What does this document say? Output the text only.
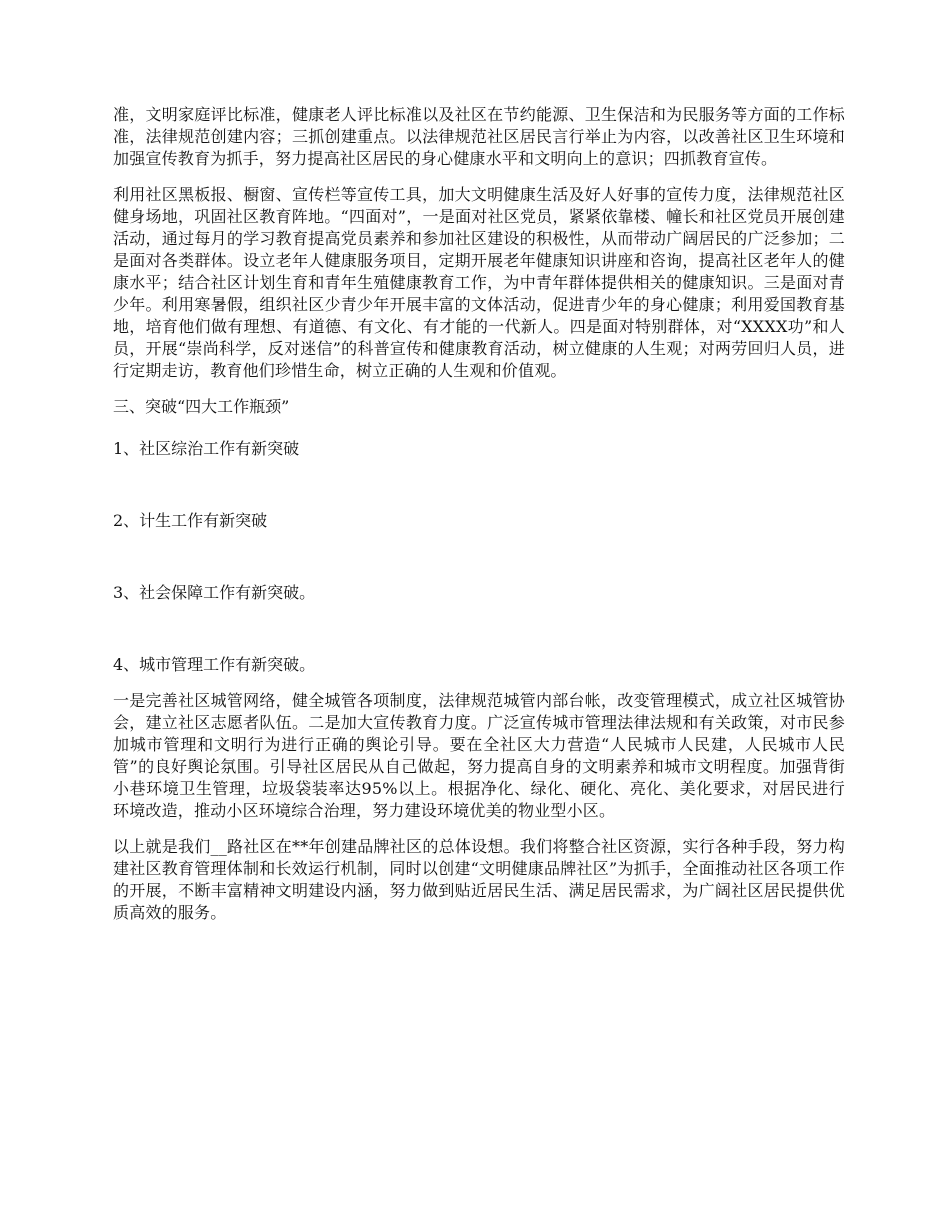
准，文明家庭评比标准，健康老人评比标准以及社区在节约能源、卫生保洁和为民服务等方面的工作标准，法律规范创建内容；三抓创建重点。以法律规范社区居民言行举止为内容，以改善社区卫生环境和加强宣传教育为抓手，努力提高社区居民的身心健康水平和文明向上的意识；四抓教育宣传。

利用社区黑板报、橱窗、宣传栏等宣传工具，加大文明健康生活及好人好事的宣传力度，法律规范社区健身场地，巩固社区教育阵地。“四面对”，一是面对社区党员，紧紧依靠楼、幢长和社区党员开展创建活动，通过每月的学习教育提高党员素养和参加社区建设的积极性，从而带动广阔居民的广泛参加；二是面对各类群体。设立老年人健康服务项目，定期开展老年健康知识讲座和咨询，提高社区老年人的健康水平；结合社区计划生育和青年生殖健康教育工作，为中青年群体提供相关的健康知识。三是面对青少年。利用寒暑假，组织社区少青少年开展丰富的文体活动，促进青少年的身心健康；利用爱国教育基地，培育他们做有理想、有道德、有文化、有才能的一代新人。四是面对特别群体，对“XXXX功”和人员，开展“崇尚科学，反对迷信”的科普宣传和健康教育活动，树立健康的人生观；对两劳回归人员，进行定期走访，教育他们珍惜生命，树立正确的人生观和价值观。

三、突破“四大工作瓶颈”

1、社区综治工作有新突破

2、计生工作有新突破

3、社会保障工作有新突破。

4、城市管理工作有新突破。

一是完善社区城管网络，健全城管各项制度，法律规范城管内部台帐，改变管理模式，成立社区城管协会，建立社区志愿者队伍。二是加大宣传教育力度。广泛宣传城市管理法律法规和有关政策，对市民参加城市管理和文明行为进行正确的舆论引导。要在全社区大力营造“人民城市人民建，人民城市人民管”的良好舆论氛围。引导社区居民从自己做起，努力提高自身的文明素养和城市文明程度。加强背街小巷环境卫生管理，垃圾袋装率达95%以上。根据净化、绿化、硬化、亮化、美化要求，对居民进行环境改造，推动小区环境综合治理，努力建设环境优美的物业型小区。

以上就是我们__路社区在**年创建品牌社区的总体设想。我们将整合社区资源，实行各种手段，努力构建社区教育管理体制和长效运行机制，同时以创建“文明健康品牌社区”为抓手，全面推动社区各项工作的开展，不断丰富精神文明建设内涵，努力做到贴近居民生活、满足居民需求，为广阔社区居民提供优质高效的服务。
